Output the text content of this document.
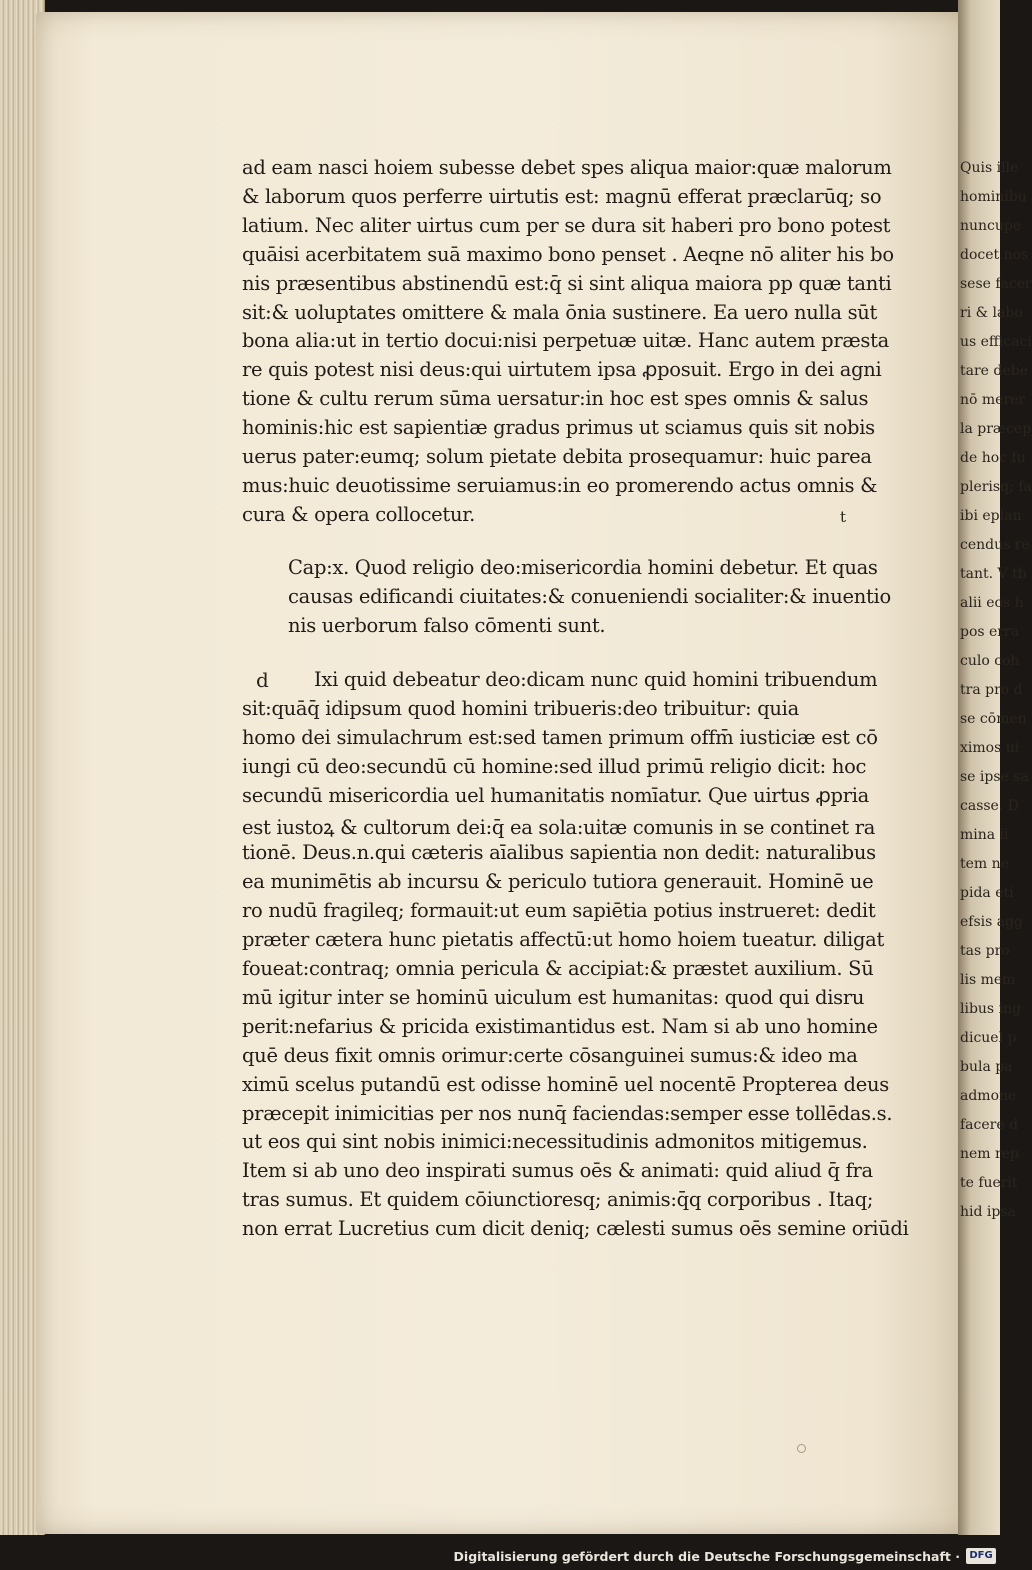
Quis ille
hominibu
nuncupe
docet nos
sese facer
ri & labo
us efficaci
tare debe
nō merer
la præcep
de hoc fu
plerisq; fa
ibi eplan
cendus re
tant. V tb
alii eos h
pos erra
culo coh
tra pro d
se cōmen
ximos ui
se ipse sa
casse. D
mina ii
tem ne
pida eti
efsis agg
tas pro
lis mem
libus ing
dicuel p
bula pa
admone
facere d
nem rep
te fuerit
hid ipsa
ad eam nasci hoiem subesse debet spes aliqua maior:quæ malorum
& laborum quos perferre uirtutis est: magnū efferat præclarūq; so
latium. Nec aliter uirtus cum per se dura sit haberi pro bono potest
quāisi acerbitatem suā maximo bono penset . Aeqne nō aliter his bo
nis præsentibus abstinendū est:q̄ si sint aliqua maiora pp quæ tanti
sit:& uoluptates omittere & mala ōnia sustinere. Ea uero nulla sūt
bona alia:ut in tertio docui:nisi perpetuæ uitæ. Hanc autem præsta
re quis potest nisi deus:qui uirtutem ipsa ꝓposuit. Ergo in dei agni
tione & cultu rerum sūma uersatur:in hoc est spes omnis & salus
hominis:hic est sapientiæ gradus primus ut sciamus quis sit nobis
uerus pater:eumq; solum pietate debita prosequamur: huic parea
mus:huic deuotissime seruiamus:in eo promerendo actus omnis &
cura & opera collocetur.	t
Cap:x. Quod religio deo:misericordia homini debetur. Et quas
causas edificandi ciuitates:& conueniendi socialiter:& inuentio
nis uerborum falso cōmenti sunt.
d Ixi quid debeatur deo:dicam nunc quid homini tribuendum
sit:quāq̄ idipsum quod homini tribueris:deo tribuitur: quia
homo dei simulachrum est:sed tamen primum offm̄ iusticiæ est cō
iungi cū deo:secundū cū homine:sed illud primū religio dicit: hoc
secundū misericordia uel humanitatis nomīatur. Que uirtus ꝓpria
est iustoꝝ & cultorum dei:q̄ ea sola:uitæ comunis in se continet ra
tionē. Deus.n.qui cæteris aīalibus sapientia non dedit: naturalibus
ea munimētis ab incursu & periculo tutiora generauit. Hominē ue
ro nudū fragileq; formauit:ut eum sapiētia potius instrueret: dedit
præter cætera hunc pietatis affectū:ut homo hoiem tueatur. diligat
foueat:contraq; omnia pericula & accipiat:& præstet auxilium. Sū
mū igitur inter se hominū uiculum est humanitas: quod qui disru
perit:nefarius & pricida existimantidus est. Nam si ab uno homine
quē deus fixit omnis orimur:certe cōsanguinei sumus:& ideo ma
ximū scelus putandū est odisse hominē uel nocentē Propterea deus
præcepit inimicitias per nos nunq̄ faciendas:semper esse tollēdas.s.
ut eos qui sint nobis inimici:necessitudinis admonitos mitigemus.
Item si ab uno deo inspirati sumus oēs & animati: quid aliud q̄ fra
tras sumus. Et quidem cōiunctioresq; animis:q̄q corporibus . Itaq;
non errat Lucretius cum dicit deniq; cælesti sumus oēs semine oriūdi
Digitalisierung gefördert durch die Deutsche Forschungsgemeinschaft · DFG
